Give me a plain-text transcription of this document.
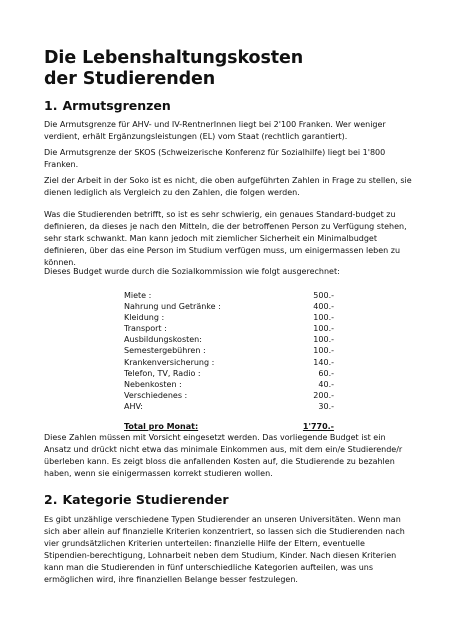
Die Lebenshaltungskosten
der Studierenden
1. Armutsgrenzen

Die Armutsgrenze für AHV- und IV-RentnerInnen liegt bei 2'100 Franken. Wer weniger verdient, erhält Ergänzungsleistungen (EL) vom Staat (rechtlich garantiert).

Die Armutsgrenze der SKOS (Schweizerische Konferenz für Sozialhilfe) liegt bei 1'800 Franken.

Ziel der Arbeit in der Soko ist es nicht, die oben aufgeführten Zahlen in Frage zu stellen, sie dienen lediglich als Vergleich zu den Zahlen, die folgen werden.

Was die Studierenden betrifft, so ist es sehr schwierig, ein genaues Standard-budget zu definieren, da dieses je nach den Mitteln, die der betroffenen Person zu Verfügung stehen, sehr stark schwankt. Man kann jedoch mit ziemlicher Sicherheit ein Minimalbudget definieren, über das eine Person im Studium verfügen muss, um einigermassen leben zu können.

Dieses Budget wurde durch die Sozialkommission wie folgt ausgerechnet:

Miete :	500.-
Nahrung und Getränke :	400.-
Kleidung :	100.-
Transport :	100.-
Ausbildungskosten:	100.-
Semestergebühren :	100.-
Krankenversicherung :	140.-
Telefon, TV, Radio :	60.-
Nebenkosten :	40.-
Verschiedenes :	200.-
AHV:	30.-
Total pro Monat:	1'770.-

Diese Zahlen müssen mit Vorsicht eingesetzt werden. Das vorliegende Budget ist ein Ansatz und drückt nicht etwa das minimale Einkommen aus, mit dem ein/e Studierende/r überleben kann. Es zeigt bloss die anfallenden Kosten auf, die Studierende zu bezahlen haben, wenn sie einigermassen korrekt studieren wollen.

2. Kategorie Studierender

Es gibt unzählige verschiedene Typen Studierender an unseren Universitäten. Wenn man sich aber allein auf finanzielle Kriterien konzentriert, so lassen sich die Studierenden nach vier grundsätzlichen Kriterien unterteilen: finanzielle Hilfe der Eltern, eventuelle Stipendien-berechtigung, Lohnarbeit neben dem Studium, Kinder. Nach diesen Kriterien kann man die Studierenden in fünf unterschiedliche Kategorien aufteilen, was uns ermöglichen wird, ihre finanziellen Belange besser festzulegen.
